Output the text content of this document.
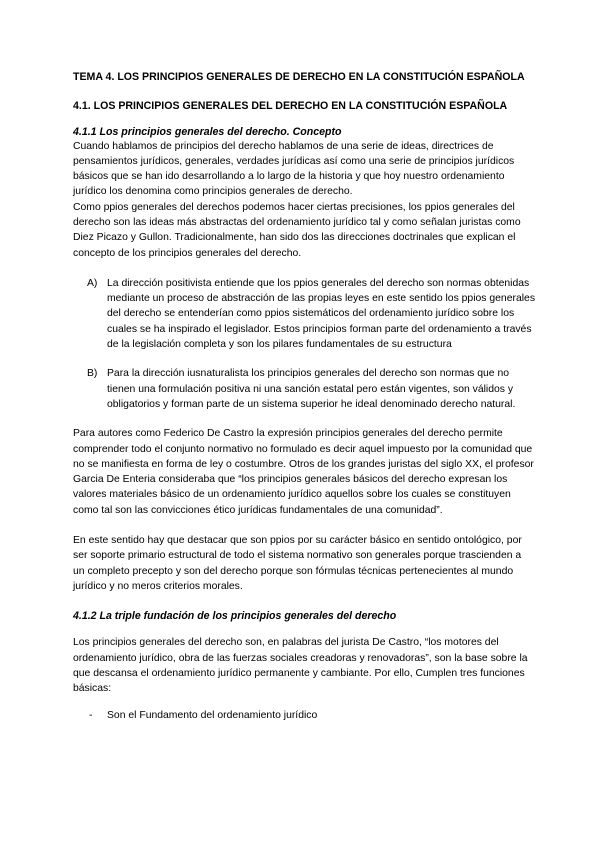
TEMA 4. LOS PRINCIPIOS GENERALES DE DERECHO EN LA CONSTITUCIÓN ESPAÑOLA
4.1. LOS PRINCIPIOS GENERALES DEL DERECHO EN LA CONSTITUCIÓN ESPAÑOLA
4.1.1 Los principios generales del derecho. Concepto

Cuando hablamos de principios del derecho hablamos de una serie de ideas, directrices de pensamientos jurídicos, generales, verdades jurídicas así como una serie de principios jurídicos básicos que se han ido desarrollando a lo largo de la historia y que hoy nuestro ordenamiento jurídico los denomina como principios generales de derecho.

Como ppios generales del derechos podemos hacer ciertas precisiones, los ppios generales del derecho son las ideas más abstractas del ordenamiento jurídico tal y como señalan juristas como Diez Picazo y Gullon. Tradicionalmente, han sido dos las direcciones doctrinales que explican el concepto de los principios generales del derecho.

A) La dirección positivista entiende que los ppios generales del derecho son normas obtenidas mediante un proceso de abstracción de las propias leyes en este sentido los ppios generales del derecho se entenderían como ppios sistemáticos del ordenamiento jurídico sobre los cuales se ha inspirado el legislador. Estos principios forman parte del ordenamiento a través de la legislación completa y son los pilares fundamentales de su estructura
B) Para la dirección iusnaturalista los principios generales del derecho son normas que no tienen una formulación positiva ni una sanción estatal pero están vigentes, son válidos y obligatorios y forman parte de un sistema superior he ideal denominado derecho natural.

Para autores como Federico De Castro la expresión principios generales del derecho permite comprender todo el conjunto normativo no formulado es decir aquel impuesto por la comunidad que no se manifiesta en forma de ley o costumbre. Otros de los grandes juristas del siglo XX, el profesor Garcia De Enteria consideraba que “los principios generales básicos del derecho expresan los valores materiales básico de un ordenamiento jurídico aquellos sobre los cuales se constituyen como tal son las convicciones ético jurídicas fundamentales de una comunidad”.

En este sentido hay que destacar que son ppios por su carácter básico en sentido ontológico, por ser soporte primario estructural de todo el sistema normativo son generales porque trascienden a un completo precepto y son del derecho porque son fórmulas técnicas pertenecientes al mundo jurídico y no meros criterios morales.

4.1.2 La triple fundación de los principios generales del derecho

Los principios generales del derecho son, en palabras del jurista De Castro, “los motores del ordenamiento jurídico, obra de las fuerzas sociales creadoras y renovadoras”, son la base sobre la que descansa el ordenamiento jurídico permanente y cambiante. Por ello, Cumplen tres funciones básicas:

-	Son el Fundamento del ordenamiento jurídico
